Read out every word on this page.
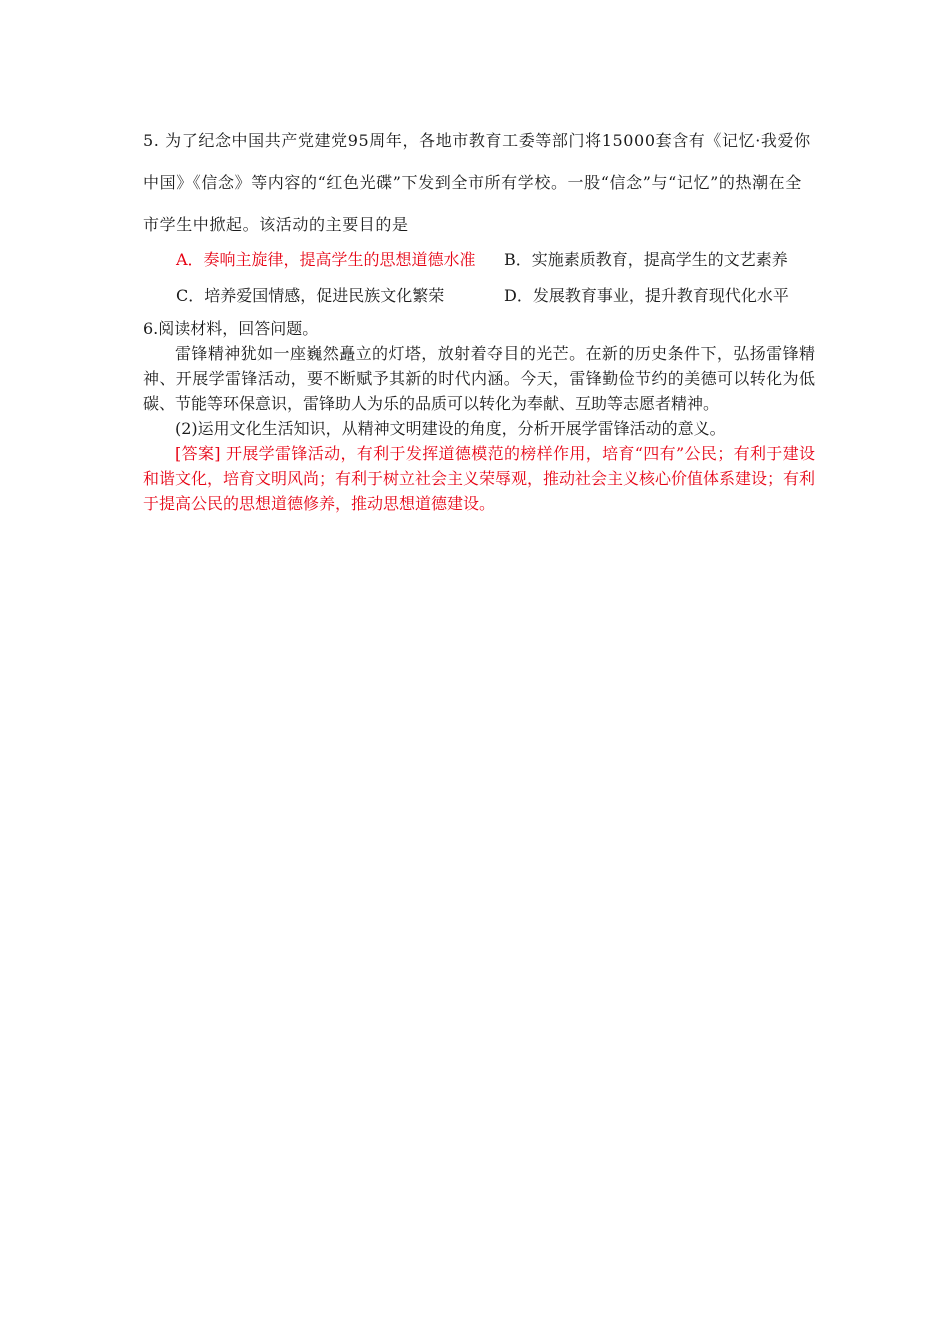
5. 为了纪念中国共产党建党95周年，各地市教育工委等部门将15000套含有《记忆·我爱你中国》《信念》等内容的“红色光碟”下发到全市所有学校。一股“信念”与“记忆”的热潮在全市学生中掀起。该活动的主要目的是
A．奏响主旋律，提高学生的思想道德水准	B．实施素质教育，提高学生的文艺素养
C．培养爱国情感，促进民族文化繁荣	D．发展教育事业，提升教育现代化水平

6.阅读材料，回答问题。

雷锋精神犹如一座巍然矗立的灯塔，放射着夺目的光芒。在新的历史条件下，弘扬雷锋精神、开展学雷锋活动，要不断赋予其新的时代内涵。今天，雷锋勤俭节约的美德可以转化为低碳、节能等环保意识，雷锋助人为乐的品质可以转化为奉献、互助等志愿者精神。

(2)运用文化生活知识，从精神文明建设的角度，分析开展学雷锋活动的意义。

[答案] 开展学雷锋活动，有利于发挥道德模范的榜样作用，培育“四有”公民；有利于建设和谐文化，培育文明风尚；有利于树立社会主义荣辱观，推动社会主义核心价值体系建设；有利于提高公民的思想道德修养，推动思想道德建设。
